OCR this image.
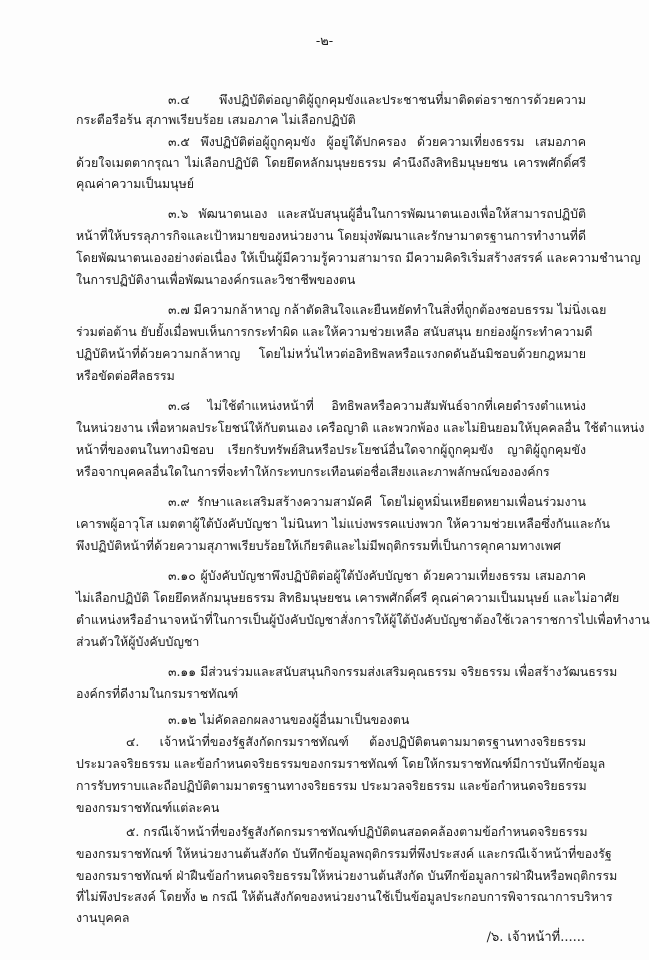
-๒-
๓.๔ พึงปฏิบัติต่อญาติผู้ถูกคุมขังและประชาชนที่มาติดต่อราชการด้วยความ
กระตือรือร้น สุภาพเรียบร้อย เสมอภาค ไม่เลือกปฏิบัติ
๓.๕ พึงปฏิบัติต่อผู้ถูกคุมขัง ผู้อยู่ใต้ปกครอง ด้วยความเที่ยงธรรม เสมอภาค
ด้วยใจเมตตากรุณา ไม่เลือกปฏิบัติ โดยยึดหลักมนุษยธรรม คำนึงถึงสิทธิมนุษยชน เคารพศักดิ์ศรี
คุณค่าความเป็นมนุษย์
๓.๖ พัฒนาตนเอง และสนับสนุนผู้อื่นในการพัฒนาตนเองเพื่อให้สามารถปฏิบัติ
หน้าที่ให้บรรลุภารกิจและเป้าหมายของหน่วยงาน โดยมุ่งพัฒนาและรักษามาตรฐานการทำงานที่ดี
โดยพัฒนาตนเองอย่างต่อเนื่อง ให้เป็นผู้มีความรู้ความสามารถ มีความคิดริเริ่มสร้างสรรค์ และความชำนาญ
ในการปฏิบัติงานเพื่อพัฒนาองค์กรและวิชาชีพของตน
๓.๗ มีความกล้าหาญ กล้าตัดสินใจและยืนหยัดทำในสิ่งที่ถูกต้องชอบธรรม ไม่นิ่งเฉย
ร่วมต่อต้าน ยับยั้งเมื่อพบเห็นการกระทำผิด และให้ความช่วยเหลือ สนับสนุน ยกย่องผู้กระทำความดี
ปฏิบัติหน้าที่ด้วยความกล้าหาญ โดยไม่หวั่นไหวต่ออิทธิพลหรือแรงกดดันอันมิชอบด้วยกฎหมาย
หรือขัดต่อศีลธรรม
๓.๘ ไม่ใช้ตำแหน่งหน้าที่ อิทธิพลหรือความสัมพันธ์จากที่เคยดำรงตำแหน่ง
ในหน่วยงาน เพื่อหาผลประโยชน์ให้กับตนเอง เครือญาติ และพวกพ้อง และไม่ยินยอมให้บุคคลอื่น ใช้ตำแหน่ง
หน้าที่ของตนในทางมิชอบ เรียกรับทรัพย์สินหรือประโยชน์อื่นใดจากผู้ถูกคุมขัง ญาติผู้ถูกคุมขัง
หรือจากบุคคลอื่นใดในการที่จะทำให้กระทบกระเทือนต่อชื่อเสียงและภาพลักษณ์ขององค์กร
๓.๙ รักษาและเสริมสร้างความสามัคคี โดยไม่ดูหมิ่นเหยียดหยามเพื่อนร่วมงาน
เคารพผู้อาวุโส เมตตาผู้ใต้บังคับบัญชา ไม่นินทา ไม่แบ่งพรรคแบ่งพวก ให้ความช่วยเหลือซึ่งกันและกัน
พึงปฏิบัติหน้าที่ด้วยความสุภาพเรียบร้อยให้เกียรติและไม่มีพฤติกรรมที่เป็นการคุกคามทางเพศ
๓.๑๐ ผู้บังคับบัญชาพึงปฏิบัติต่อผู้ใต้บังคับบัญชา ด้วยความเที่ยงธรรม เสมอภาค
ไม่เลือกปฏิบัติ โดยยึดหลักมนุษยธรรม สิทธิมนุษยชน เคารพศักดิ์ศรี คุณค่าความเป็นมนุษย์ และไม่อาศัย
ตำแหน่งหรืออำนาจหน้าที่ในการเป็นผู้บังคับบัญชาสั่งการให้ผู้ใต้บังคับบัญชาต้องใช้เวลาราชการไปเพื่อทำงาน
ส่วนตัวให้ผู้บังคับบัญชา
๓.๑๑ มีส่วนร่วมและสนับสนุนกิจกรรมส่งเสริมคุณธรรม จริยธรรม เพื่อสร้างวัฒนธรรม
องค์กรที่ดีงามในกรมราชทัณฑ์
๓.๑๒ ไม่คัดลอกผลงานของผู้อื่นมาเป็นของตน
๔. เจ้าหน้าที่ของรัฐสังกัดกรมราชทัณฑ์ ต้องปฏิบัติตนตามมาตรฐานทางจริยธรรม
ประมวลจริยธรรม และข้อกำหนดจริยธรรมของกรมราชทัณฑ์ โดยให้กรมราชทัณฑ์มีการบันทึกข้อมูล
การรับทราบและถือปฏิบัติตามมาตรฐานทางจริยธรรม ประมวลจริยธรรม และข้อกำหนดจริยธรรม
ของกรมราชทัณฑ์แต่ละคน
๕. กรณีเจ้าหน้าที่ของรัฐสังกัดกรมราชทัณฑ์ปฏิบัติตนสอดคล้องตามข้อกำหนดจริยธรรม
ของกรมราชทัณฑ์ ให้หน่วยงานต้นสังกัด บันทึกข้อมูลพฤติกรรมที่พึงประสงค์ และกรณีเจ้าหน้าที่ของรัฐ
ของกรมราชทัณฑ์ ฝ่าฝืนข้อกำหนดจริยธรรมให้หน่วยงานต้นสังกัด บันทึกข้อมูลการฝ่าฝืนหรือพฤติกรรม
ที่ไม่พึงประสงค์ โดยทั้ง ๒ กรณี ให้ต้นสังกัดของหน่วยงานใช้เป็นข้อมูลประกอบการพิจารณาการบริหาร
งานบุคคล
/๖. เจ้าหน้าที่......
